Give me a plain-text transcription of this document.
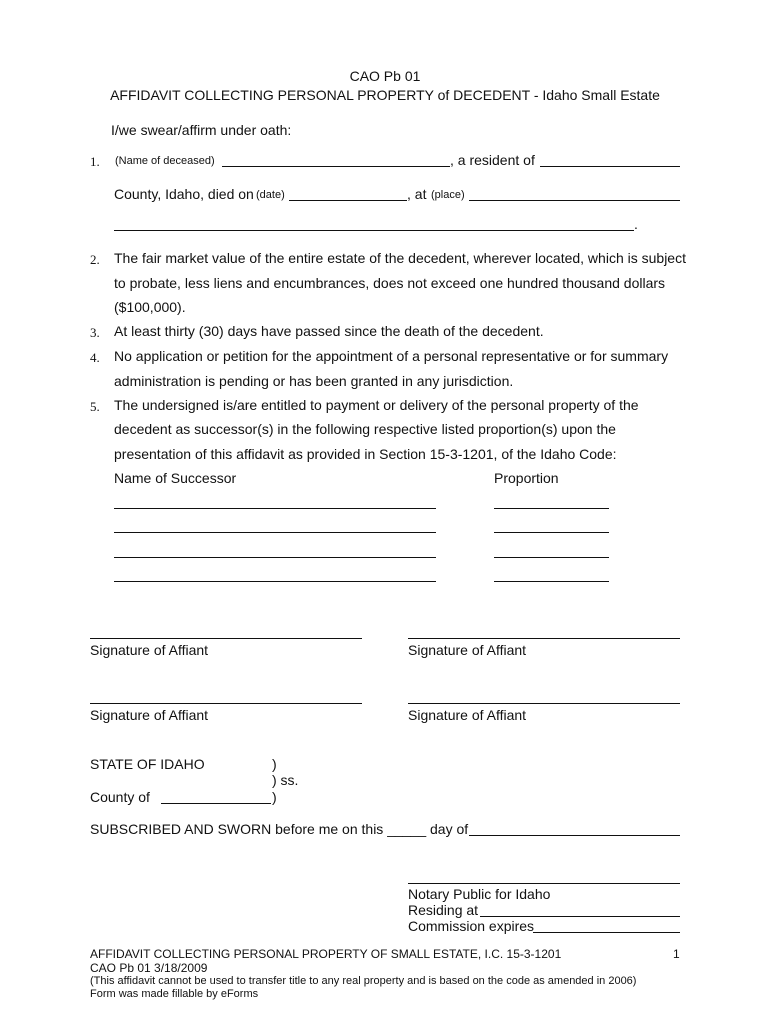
CAO Pb 01
AFFIDAVIT COLLECTING PERSONAL PROPERTY of DECEDENT - Idaho Small Estate
I/we swear/affirm under oath:
1. (Name of deceased)	, a resident of
County, Idaho, died on (date)	, at (place)
.
2. The fair market value of the entire estate of the decedent, wherever located, which is subject
to probate, less liens and encumbrances, does not exceed one hundred thousand dollars
($100,000).
3. At least thirty (30) days have passed since the death of the decedent.
4. No application or petition for the appointment of a personal representative or for summary
administration is pending or has been granted in any jurisdiction.
5. The undersigned is/are entitled to payment or delivery of the personal property of the
decedent as successor(s) in the following respective listed proportion(s) upon the
presentation of this affidavit as provided in Section 15-3-1201, of the Idaho Code:
Name of Successor	Proportion
Signature of Affiant	Signature of Affiant
Signature of Affiant	Signature of Affiant
STATE OF IDAHO	)
) ss.
County of	)
SUBSCRIBED AND SWORN before me on this _____ day of
Notary Public for Idaho
Residing at
Commission expires
AFFIDAVIT COLLECTING PERSONAL PROPERTY OF SMALL ESTATE, I.C. 15-3-1201	1
CAO Pb 01 3/18/2009
(This affidavit cannot be used to transfer title to any real property and is based on the code as amended in 2006)
Form was made fillable by eForms
